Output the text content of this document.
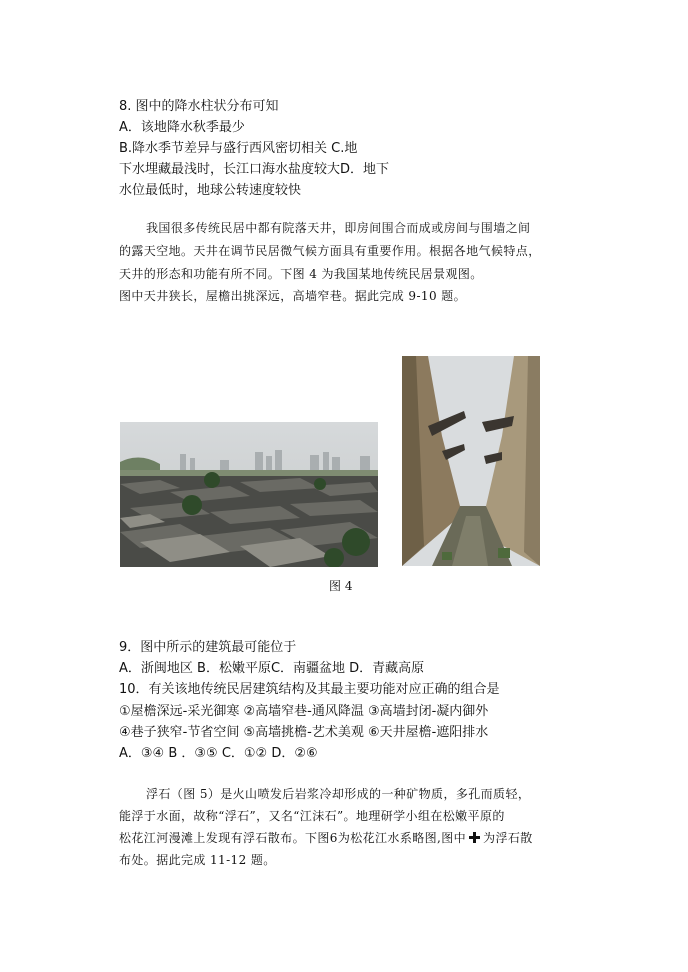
8. 图中的降水柱状分布可知
A．该地降水秋季最少
B.降水季节差异与盛行西风密切相关 C.地
下水埋藏最浅时，长江口海水盐度较大D．地下
水位最低时，地球公转速度较快
我国很多传统民居中都有院落天井，即房间围合而成或房间与围墙之间
的露天空地。天井在调节民居微气候方面具有重要作用。根据各地气候特点，
天井的形态和功能有所不同。下图 4 为我国某地传统民居景观图。
图中天井狭长，屋檐出挑深远，高墙窄巷。据此完成 9-10 题。
图 4
9．图中所示的建筑最可能位于
A．浙闽地区 B．松嫩平原C．南疆盆地 D．青藏高原
10．有关该地传统民居建筑结构及其最主要功能对应正确的组合是
①屋檐深远-采光御寒 ②高墙窄巷-通风降温 ③高墙封闭-凝内御外
④巷子狭窄-节省空间 ⑤高墙挑檐-艺术美观 ⑥天井屋檐-遮阳排水
A．③④ B ．③⑤ C．①② D．②⑥
浮石（图 5）是火山喷发后岩浆冷却形成的一种矿物质，多孔而质轻，
能浮于水面，故称“浮石”，又名“江沫石”。地理研学小组在松嫩平原的
松花江河漫滩上发现有浮石散布。下图6为松花江水系略图,图中 为浮石散
布处。据此完成 11-12 题。
